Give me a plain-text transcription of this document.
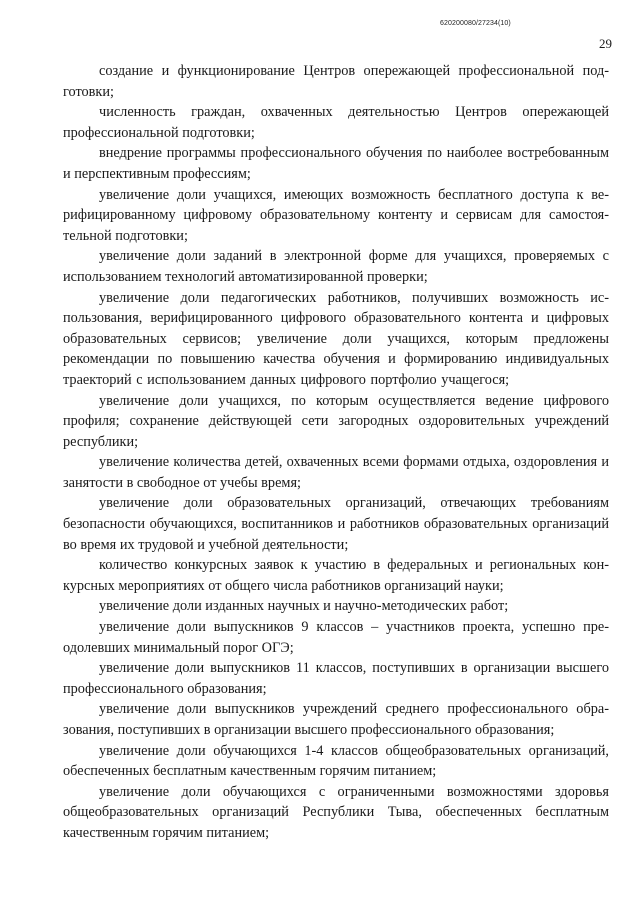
620200080/27234(10)
29

создание и функционирование Центров опережающей профессиональной подготовки;

численность граждан, охваченных деятельностью Центров опережающей профессиональной подготовки;

внедрение программы профессионального обучения по наиболее востребованным и перспективным профессиям;

увеличение доли учащихся, имеющих возможность бесплатного доступа к верифицированному цифровому образовательному контенту и сервисам для самостоятельной подготовки;

увеличение доли заданий в электронной форме для учащихся, проверяемых с использованием технологий автоматизированной проверки;

увеличение доли педагогических работников, получивших возможность использования, верифицированного цифрового образовательного контента и цифровых образовательных сервисов; увеличение доли учащихся, которым предложены рекомендации по повышению качества обучения и формированию индивидуальных траекторий с использованием данных цифрового портфолио учащегося;

увеличение доли учащихся, по которым осуществляется ведение цифрового профиля; сохранение действующей сети загородных оздоровительных учреждений республики;

увеличение количества детей, охваченных всеми формами отдыха, оздоровления и занятости в свободное от учебы время;

увеличение доли образовательных организаций, отвечающих требованиям безопасности обучающихся, воспитанников и работников образовательных организаций во время их трудовой и учебной деятельности;

количество конкурсных заявок к участию в федеральных и региональных конкурсных мероприятиях от общего числа работников организаций науки;

увеличение доли изданных научных и научно-методических работ;

увеличение доли выпускников 9 классов – участников проекта, успешно преодолевших минимальный порог ОГЭ;

увеличение доли выпускников 11 классов, поступивших в организации высшего профессионального образования;

увеличение доли выпускников учреждений среднего профессионального образования, поступивших в организации высшего профессионального образования;

увеличение доли обучающихся 1-4 классов общеобразовательных организаций, обеспеченных бесплатным качественным горячим питанием;

увеличение доли обучающихся с ограниченными возможностями здоровья общеобразовательных организаций Республики Тыва, обеспеченных бесплатным качественным горячим питанием;
